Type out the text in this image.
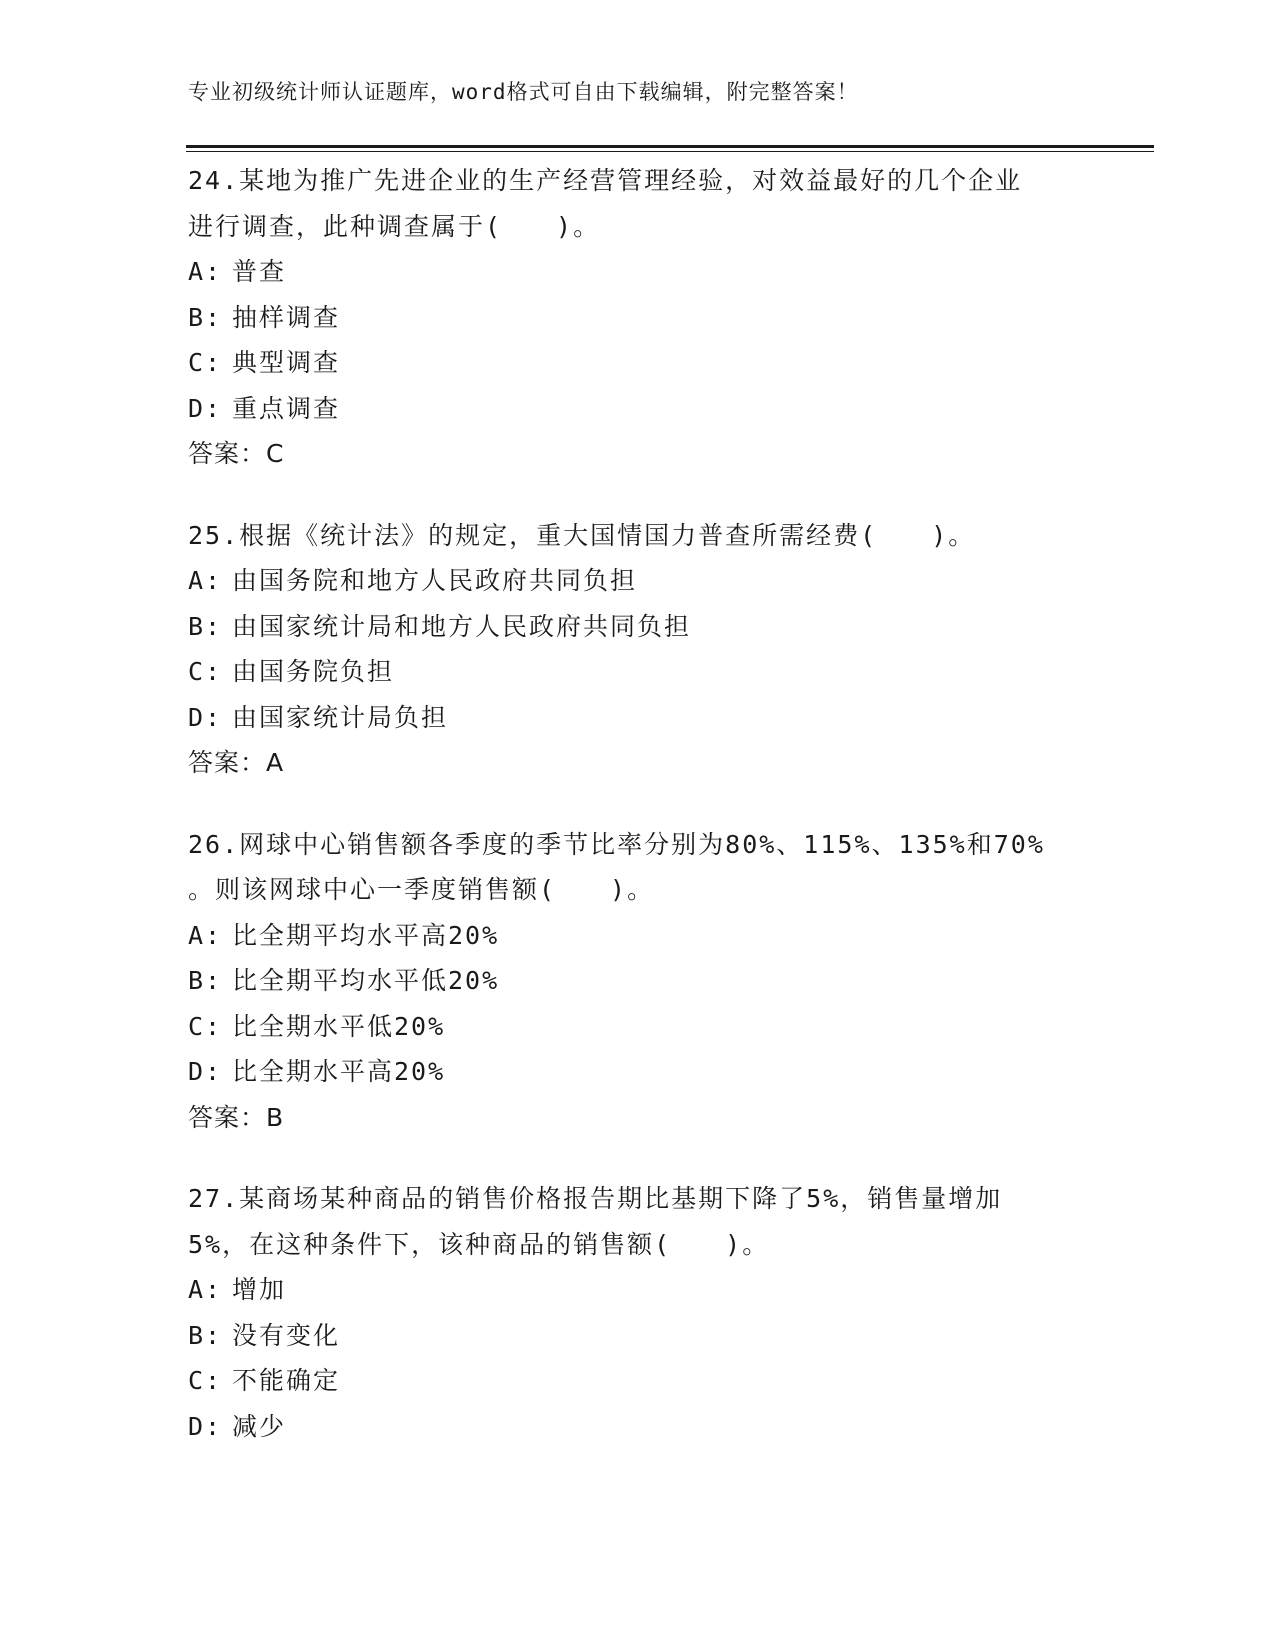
专业初级统计师认证题库，word格式可自由下载编辑，附完整答案！
24.某地为推广先进企业的生产经营管理经验，对效益最好的几个企业
进行调查，此种调查属于(　　)。
A: 普查
B: 抽样调查
C: 典型调查
D: 重点调查
答案：C
25.根据《统计法》的规定，重大国情国力普查所需经费(　　)。
A: 由国务院和地方人民政府共同负担
B: 由国家统计局和地方人民政府共同负担
C: 由国务院负担
D: 由国家统计局负担
答案：A
26.网球中心销售额各季度的季节比率分别为80%、115%、135%和70%
。则该网球中心一季度销售额(　　)。
A: 比全期平均水平高20%
B: 比全期平均水平低20%
C: 比全期水平低20%
D: 比全期水平高20%
答案：B
27.某商场某种商品的销售价格报告期比基期下降了5%，销售量增加
5%，在这种条件下，该种商品的销售额(　　)。
A: 增加
B: 没有变化
C: 不能确定
D: 减少
